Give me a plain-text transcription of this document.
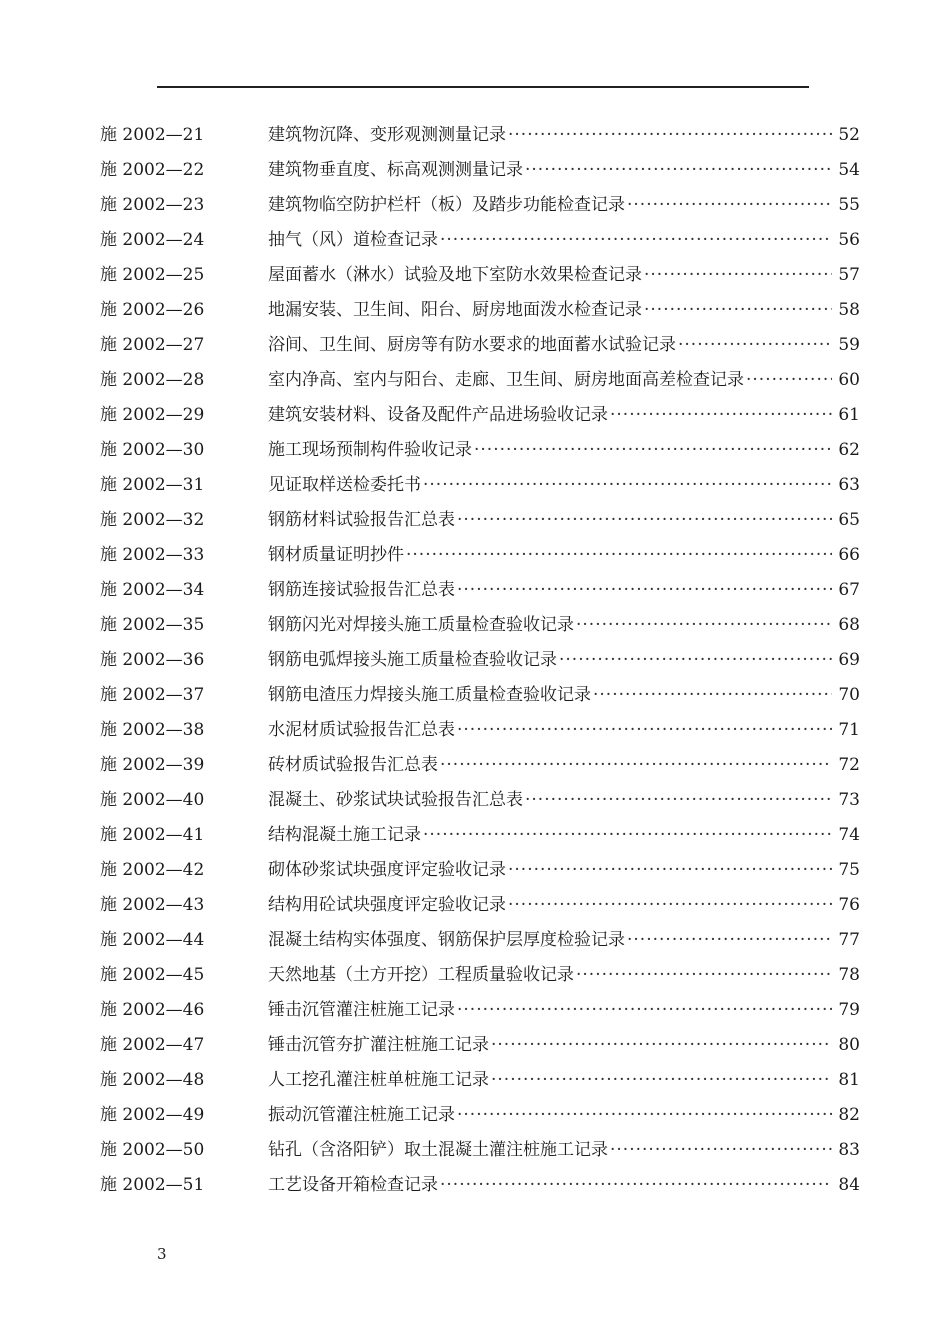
施 2002—21	建筑物沉降、变形观测测量记录 ·····	52
施 2002—22	建筑物垂直度、标高观测测量记录 ·····	54
施 2002—23	建筑物临空防护栏杆（板）及踏步功能检查记录 ·····	55
施 2002—24	抽气（风）道检查记录 ·····	56
施 2002—25	屋面蓄水（淋水）试验及地下室防水效果检查记录 ·····	57
施 2002—26	地漏安装、卫生间、阳台、厨房地面泼水检查记录 ·····	58
施 2002—27	浴间、卫生间、厨房等有防水要求的地面蓄水试验记录 ·····	59
施 2002—28	室内净高、室内与阳台、走廊、卫生间、厨房地面高差检查记录 ·····	60
施 2002—29	建筑安装材料、设备及配件产品进场验收记录 ·····	61
施 2002—30	施工现场预制构件验收记录 ·····	62
施 2002—31	见证取样送检委托书 ·····	63
施 2002—32	钢筋材料试验报告汇总表 ·····	65
施 2002—33	钢材质量证明抄件 ·····	66
施 2002—34	钢筋连接试验报告汇总表 ·····	67
施 2002—35	钢筋闪光对焊接头施工质量检查验收记录 ·····	68
施 2002—36	钢筋电弧焊接头施工质量检查验收记录 ·····	69
施 2002—37	钢筋电渣压力焊接头施工质量检查验收记录 ·····	70
施 2002—38	水泥材质试验报告汇总表 ·····	71
施 2002—39	砖材质试验报告汇总表 ·····	72
施 2002—40	混凝土、砂浆试块试验报告汇总表 ·····	73
施 2002—41	结构混凝土施工记录 ·····	74
施 2002—42	砌体砂浆试块强度评定验收记录 ·····	75
施 2002—43	结构用砼试块强度评定验收记录 ·····	76
施 2002—44	混凝土结构实体强度、钢筋保护层厚度检验记录 ·····	77
施 2002—45	天然地基（土方开挖）工程质量验收记录 ·····	78
施 2002—46	锤击沉管灌注桩施工记录 ·····	79
施 2002—47	锤击沉管夯扩灌注桩施工记录 ·····	80
施 2002—48	人工挖孔灌注桩单桩施工记录 ·····	81
施 2002—49	振动沉管灌注桩施工记录 ·····	82
施 2002—50	钻孔（含洛阳铲）取土混凝土灌注桩施工记录 ·····	83
施 2002—51	工艺设备开箱检查记录 ·····	84
3
